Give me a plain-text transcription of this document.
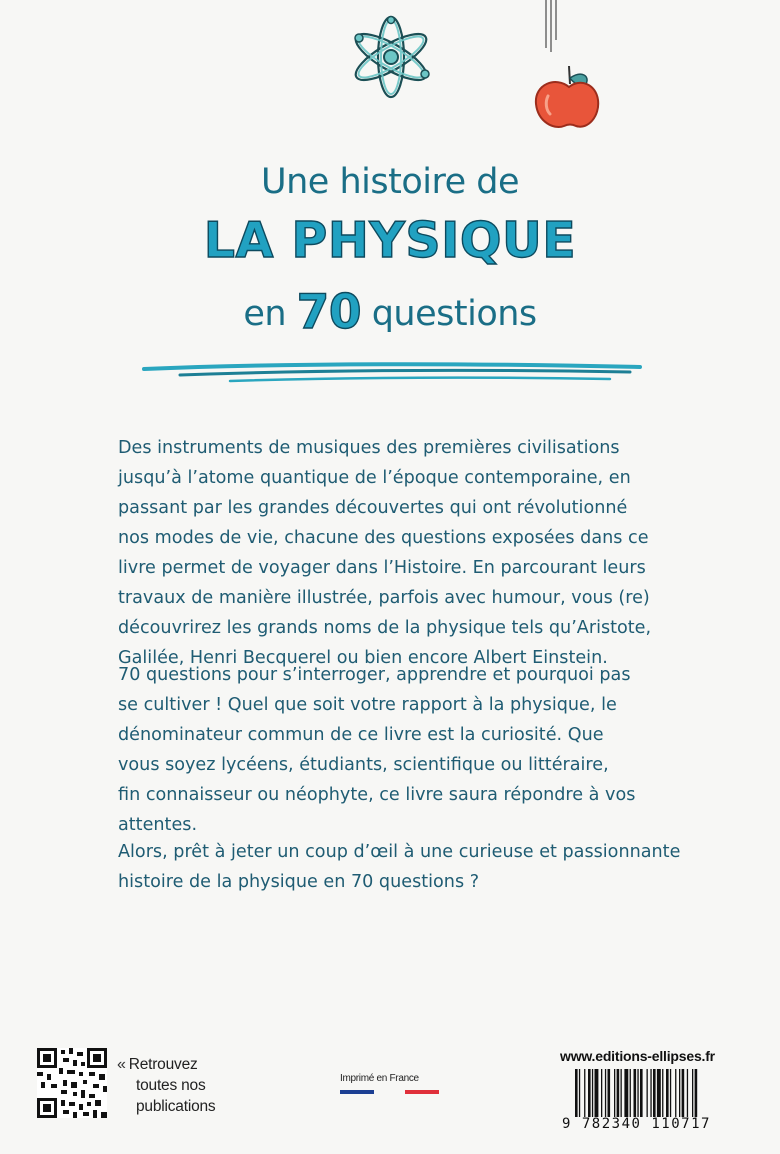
Une histoire de
LA PHYSIQUE
en 70 questions

Des instruments de musiques des premières civilisations

jusqu’à l’atome quantique de l’époque contemporaine, en

passant par les grandes découvertes qui ont révolutionné

nos modes de vie, chacune des questions exposées dans ce

livre permet de voyager dans l’Histoire. En parcourant leurs

travaux de manière illustrée, parfois avec humour, vous (re)

découvrirez les grands noms de la physique tels qu’Aristote,

Galilée, Henri Becquerel ou bien encore Albert Einstein.

70 questions pour s’interroger, apprendre et pourquoi pas

se cultiver ! Quel que soit votre rapport à la physique, le

dénominateur commun de ce livre est la curiosité. Que

vous soyez lycéens, étudiants, scientifique ou littéraire,

fin connaisseur ou néophyte, ce livre saura répondre à vos

attentes.

Alors, prêt à jeter un coup d’œil à une curieuse et passionnante

histoire de la physique en 70 questions ?

« Retrouvez
toutes nos
publications
Imprimé en France
www.editions-ellipses.fr
9 782340 110717
